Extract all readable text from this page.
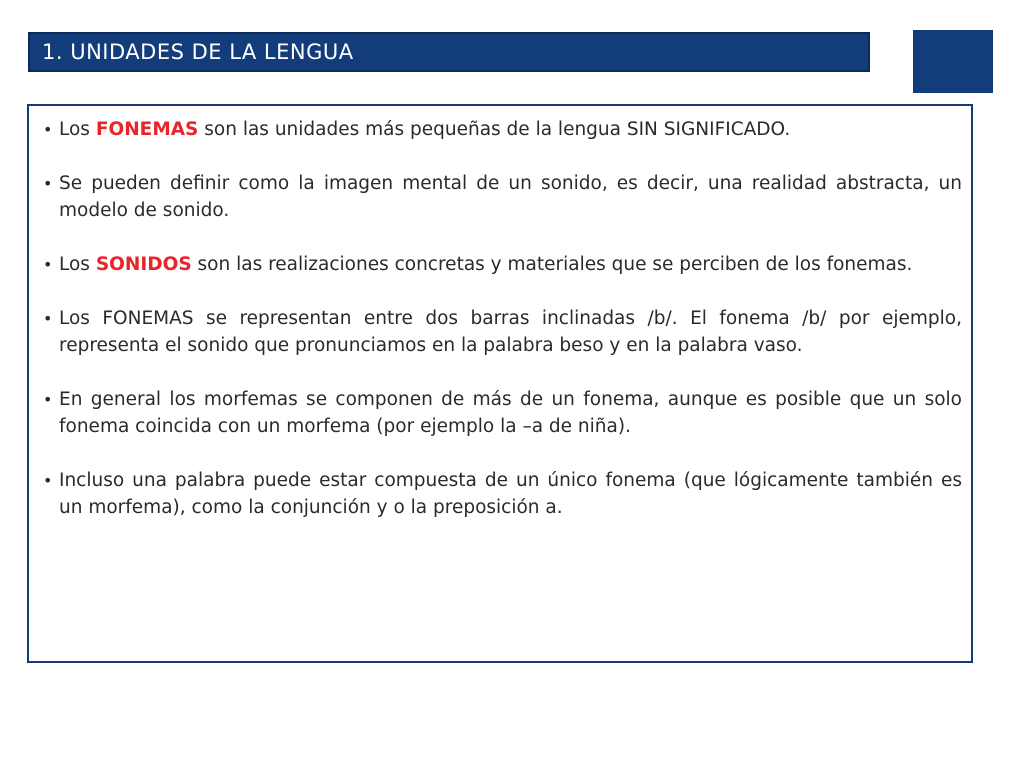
1. UNIDADES DE LA LENGUA
• Los FONEMAS son las unidades más pequeñas de la lengua SIN SIGNIFICADO.
• Se pueden definir como la imagen mental de un sonido, es decir, una realidad abstracta, un modelo de sonido.
• Los SONIDOS son las realizaciones concretas y materiales que se perciben de los fonemas.
• Los FONEMAS se representan entre dos barras inclinadas /b/. El fonema /b/ por ejemplo, representa el sonido que pronunciamos en la palabra beso y en la palabra vaso.
• En general los morfemas se componen de más de un fonema, aunque es posible que un solo fonema coincida con un morfema (por ejemplo la –a de niña).
• Incluso una palabra puede estar compuesta de un único fonema (que lógicamente también es un morfema), como la conjunción y o la preposición a.
